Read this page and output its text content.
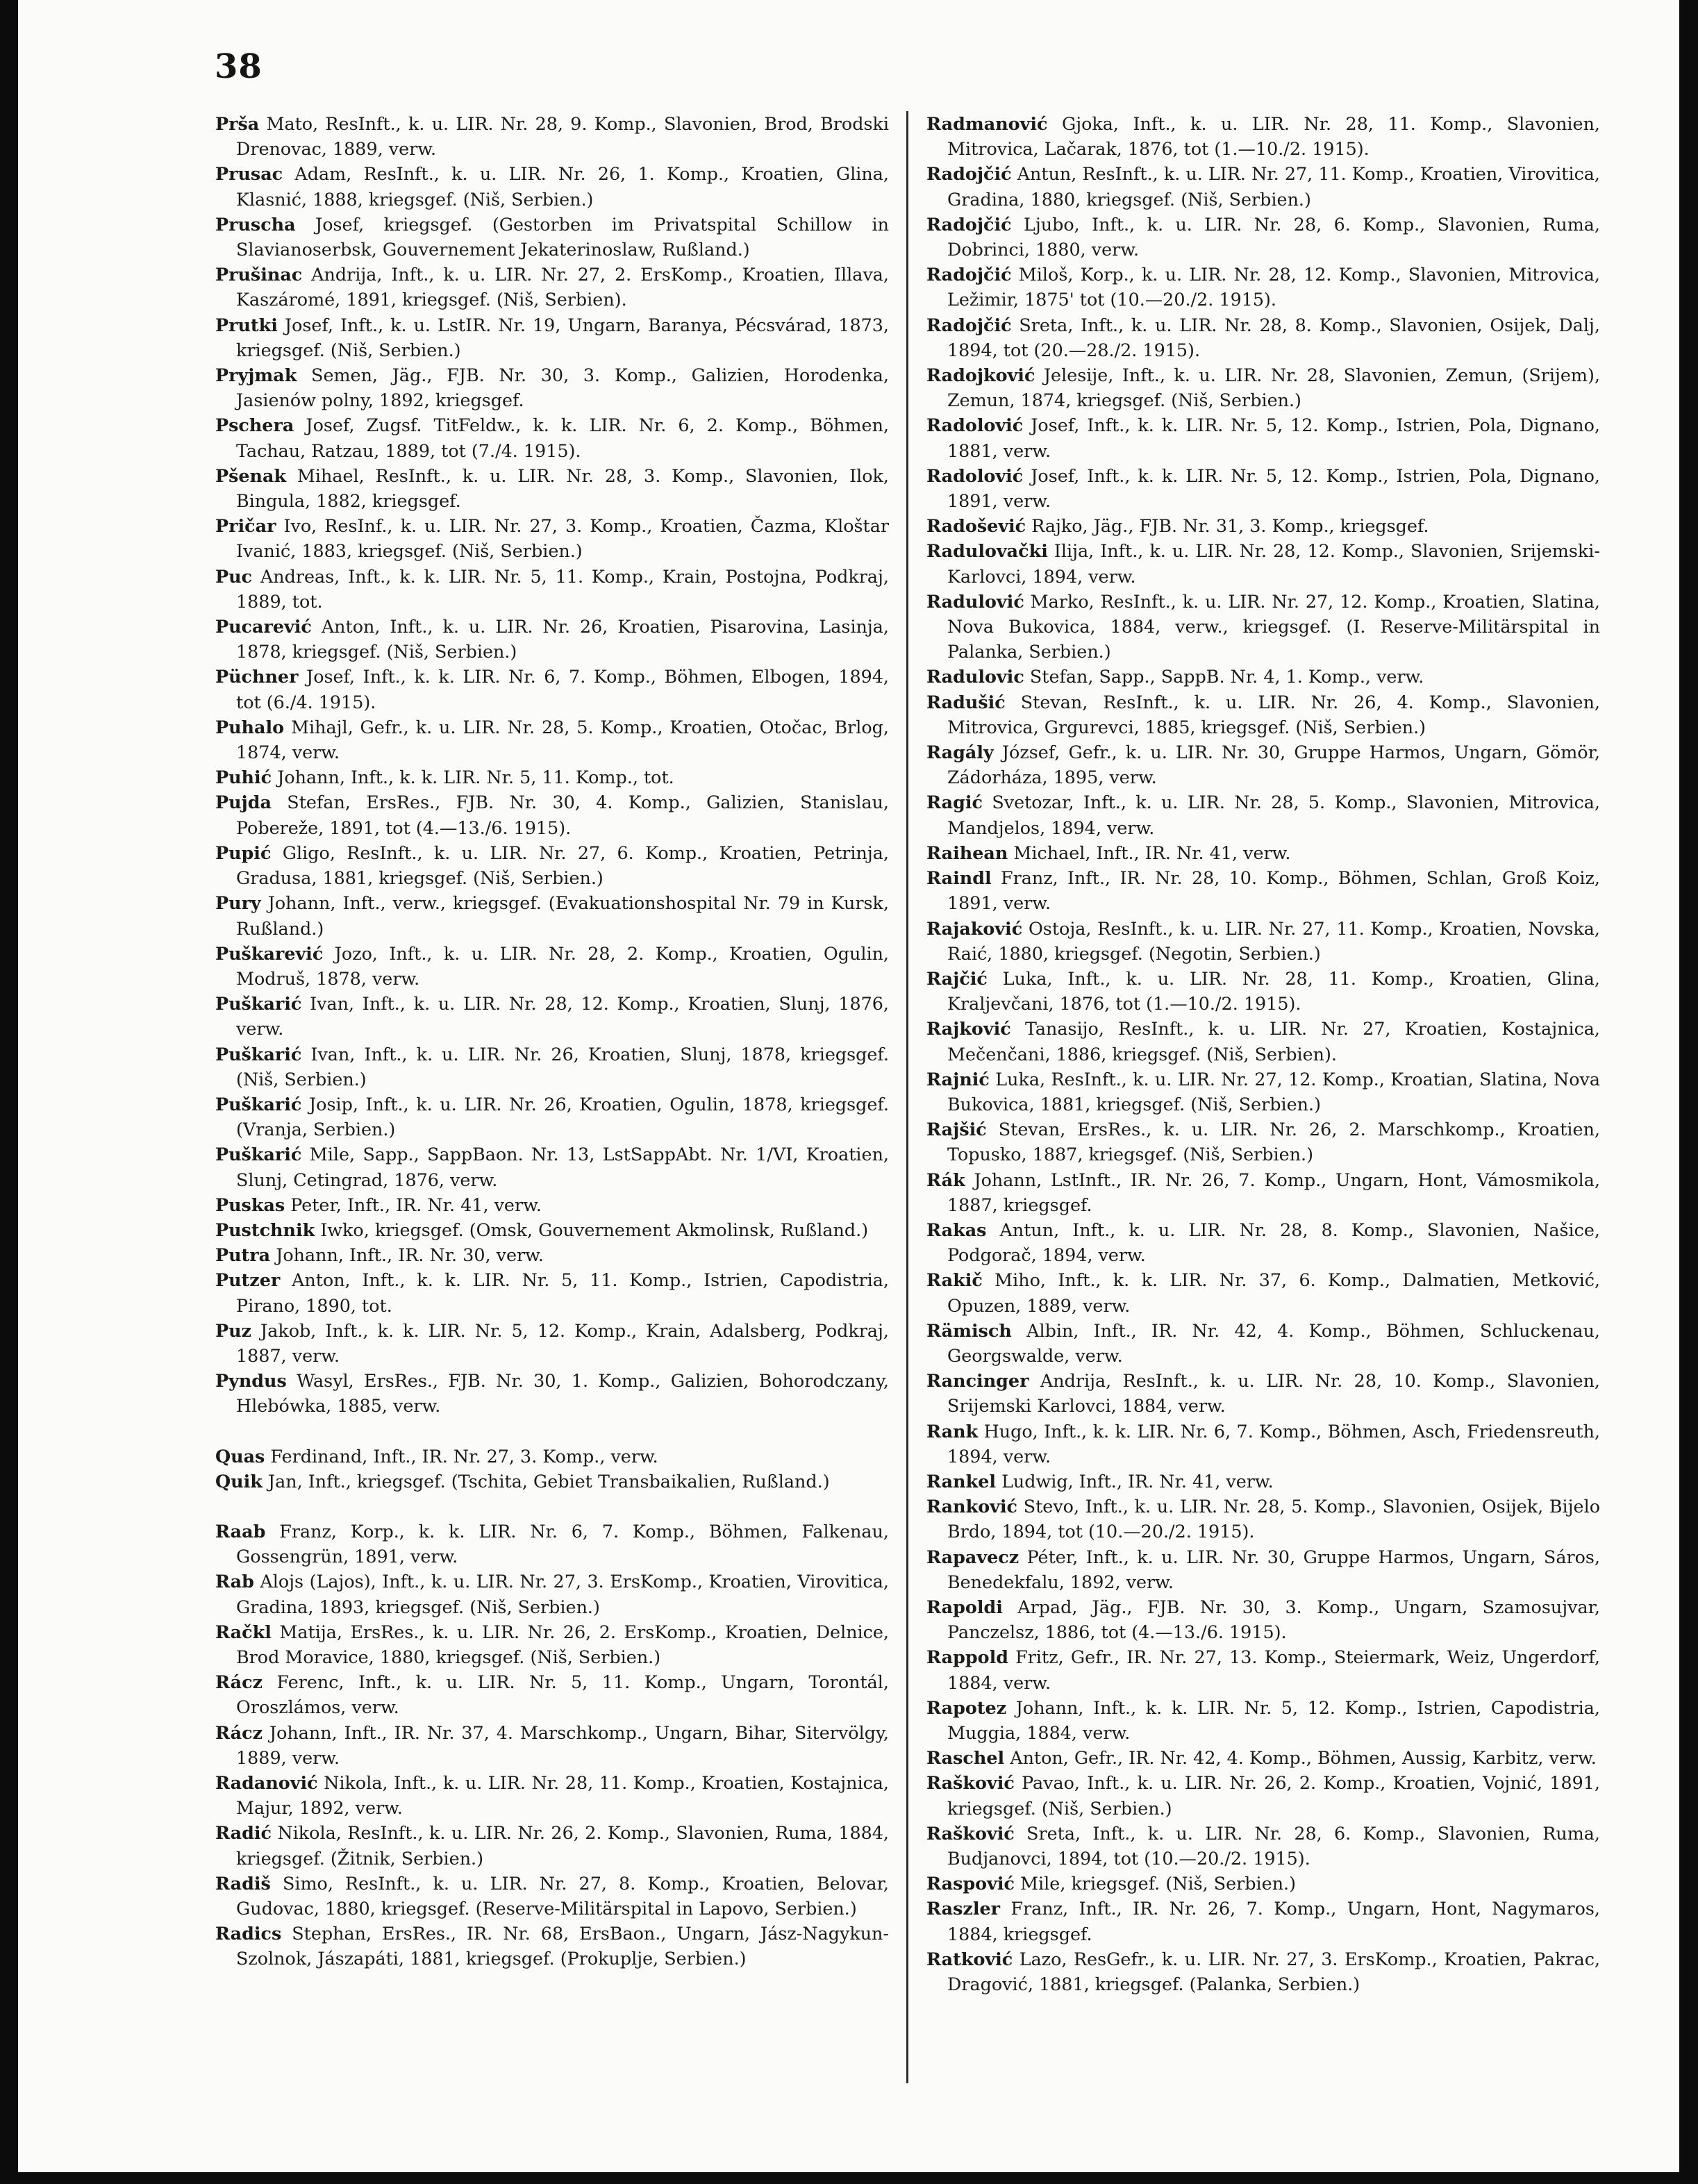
38

Prša Mato, ResInft., k. u. LIR. Nr. 28, 9. Komp., Slavonien, Brod, Brodski Drenovac, 1889, verw.

Prusac Adam, ResInft., k. u. LIR. Nr. 26, 1. Komp., Kroatien, Glina, Klasnić, 1888, kriegsgef. (Niš, Serbien.)

Pruscha Josef, kriegsgef. (Gestorben im Privatspital Schillow in Slavianoserbsk, Gouvernement Jekaterinoslaw, Rußland.)

Prušinac Andrija, Inft., k. u. LIR. Nr. 27, 2. ErsKomp., Kroatien, Illava, Kaszáromé, 1891, kriegsgef. (Niš, Serbien).

Prutki Josef, Inft., k. u. LstIR. Nr. 19, Ungarn, Baranya, Pécsvárad, 1873, kriegsgef. (Niš, Serbien.)

Pryjmak Semen, Jäg., FJB. Nr. 30, 3. Komp., Galizien, Horodenka, Jasienów polny, 1892, kriegsgef.

Pschera Josef, Zugsf. TitFeldw., k. k. LIR. Nr. 6, 2. Komp., Böhmen, Tachau, Ratzau, 1889, tot (7./4. 1915).

Pšenak Mihael, ResInft., k. u. LIR. Nr. 28, 3. Komp., Slavonien, Ilok, Bingula, 1882, kriegsgef.

Pričar Ivo, ResInf., k. u. LIR. Nr. 27, 3. Komp., Kroatien, Čazma, Kloštar Ivanić, 1883, kriegsgef. (Niš, Serbien.)

Puc Andreas, Inft., k. k. LIR. Nr. 5, 11. Komp., Krain, Postojna, Podkraj, 1889, tot.

Pucarević Anton, Inft., k. u. LIR. Nr. 26, Kroatien, Pisarovina, Lasinja, 1878, kriegsgef. (Niš, Serbien.)

Püchner Josef, Inft., k. k. LIR. Nr. 6, 7. Komp., Böhmen, Elbogen, 1894, tot (6./4. 1915).

Puhalo Mihajl, Gefr., k. u. LIR. Nr. 28, 5. Komp., Kroatien, Otočac, Brlog, 1874, verw.

Puhić Johann, Inft., k. k. LIR. Nr. 5, 11. Komp., tot.

Pujda Stefan, ErsRes., FJB. Nr. 30, 4. Komp., Galizien, Stanislau, Pobereže, 1891, tot (4.—13./6. 1915).

Pupić Gligo, ResInft., k. u. LIR. Nr. 27, 6. Komp., Kroatien, Petrinja, Gradusa, 1881, kriegsgef. (Niš, Serbien.)

Pury Johann, Inft., verw., kriegsgef. (Evakuationshospital Nr. 79 in Kursk, Rußland.)

Puškarević Jozo, Inft., k. u. LIR. Nr. 28, 2. Komp., Kroatien, Ogulin, Modruš, 1878, verw.

Puškarić Ivan, Inft., k. u. LIR. Nr. 28, 12. Komp., Kroatien, Slunj, 1876, verw.

Puškarić Ivan, Inft., k. u. LIR. Nr. 26, Kroatien, Slunj, 1878, kriegsgef. (Niš, Serbien.)

Puškarić Josip, Inft., k. u. LIR. Nr. 26, Kroatien, Ogulin, 1878, kriegsgef. (Vranja, Serbien.)

Puškarić Mile, Sapp., SappBaon. Nr. 13, LstSappAbt. Nr. 1/VI, Kroatien, Slunj, Cetingrad, 1876, verw.

Puskas Peter, Inft., IR. Nr. 41, verw.

Pustchnik Iwko, kriegsgef. (Omsk, Gouvernement Akmolinsk, Rußland.)

Putra Johann, Inft., IR. Nr. 30, verw.

Putzer Anton, Inft., k. k. LIR. Nr. 5, 11. Komp., Istrien, Capodistria, Pirano, 1890, tot.

Puz Jakob, Inft., k. k. LIR. Nr. 5, 12. Komp., Krain, Adalsberg, Podkraj, 1887, verw.

Pyndus Wasyl, ErsRes., FJB. Nr. 30, 1. Komp., Galizien, Bohorodczany, Hlebówka, 1885, verw.

Quas Ferdinand, Inft., IR. Nr. 27, 3. Komp., verw.

Quik Jan, Inft., kriegsgef. (Tschita, Gebiet Transbaikalien, Rußland.)

Raab Franz, Korp., k. k. LIR. Nr. 6, 7. Komp., Böhmen, Falkenau, Gossengrün, 1891, verw.

Rab Alojs (Lajos), Inft., k. u. LIR. Nr. 27, 3. ErsKomp., Kroatien, Virovitica, Gradina, 1893, kriegsgef. (Niš, Serbien.)

Račkl Matija, ErsRes., k. u. LIR. Nr. 26, 2. ErsKomp., Kroatien, Delnice, Brod Moravice, 1880, kriegsgef. (Niš, Serbien.)

Rácz Ferenc, Inft., k. u. LIR. Nr. 5, 11. Komp., Ungarn, Torontál, Oroszlámos, verw.

Rácz Johann, Inft., IR. Nr. 37, 4. Marschkomp., Ungarn, Bihar, Sitervölgy, 1889, verw.

Radanović Nikola, Inft., k. u. LIR. Nr. 28, 11. Komp., Kroatien, Kostajnica, Majur, 1892, verw.

Radić Nikola, ResInft., k. u. LIR. Nr. 26, 2. Komp., Slavonien, Ruma, 1884, kriegsgef. (Žitnik, Serbien.)

Radiš Simo, ResInft., k. u. LIR. Nr. 27, 8. Komp., Kroatien, Belovar, Gudovac, 1880, kriegsgef. (Reserve-Militärspital in Lapovo, Serbien.)

Radics Stephan, ErsRes., IR. Nr. 68, ErsBaon., Ungarn, Jász-Nagykun-Szolnok, Jászapáti, 1881, kriegsgef. (Prokuplje, Serbien.)

Radmanović Gjoka, Inft., k. u. LIR. Nr. 28, 11. Komp., Slavonien, Mitrovica, Lačarak, 1876, tot (1.—10./2. 1915).

Radojčić Antun, ResInft., k. u. LIR. Nr. 27, 11. Komp., Kroatien, Virovitica, Gradina, 1880, kriegsgef. (Niš, Serbien.)

Radojčić Ljubo, Inft., k. u. LIR. Nr. 28, 6. Komp., Slavonien, Ruma, Dobrinci, 1880, verw.

Radojčić Miloš, Korp., k. u. LIR. Nr. 28, 12. Komp., Slavonien, Mitrovica, Ležimir, 1875' tot (10.—20./2. 1915).

Radojčić Sreta, Inft., k. u. LIR. Nr. 28, 8. Komp., Slavonien, Osijek, Dalj, 1894, tot (20.—28./2. 1915).

Radojković Jelesije, Inft., k. u. LIR. Nr. 28, Slavonien, Zemun, (Srijem), Zemun, 1874, kriegsgef. (Niš, Serbien.)

Radolović Josef, Inft., k. k. LIR. Nr. 5, 12. Komp., Istrien, Pola, Dignano, 1881, verw.

Radolović Josef, Inft., k. k. LIR. Nr. 5, 12. Komp., Istrien, Pola, Dignano, 1891, verw.

Radošević Rajko, Jäg., FJB. Nr. 31, 3. Komp., kriegsgef.

Radulovački Ilija, Inft., k. u. LIR. Nr. 28, 12. Komp., Slavonien, Srijemski-Karlovci, 1894, verw.

Radulović Marko, ResInft., k. u. LIR. Nr. 27, 12. Komp., Kroatien, Slatina, Nova Bukovica, 1884, verw., kriegsgef. (I. Reserve-Militärspital in Palanka, Serbien.)

Radulovic Stefan, Sapp., SappB. Nr. 4, 1. Komp., verw.

Radušić Stevan, ResInft., k. u. LIR. Nr. 26, 4. Komp., Slavonien, Mitrovica, Grgurevci, 1885, kriegsgef. (Niš, Serbien.)

Ragály József, Gefr., k. u. LIR. Nr. 30, Gruppe Harmos, Ungarn, Gömör, Zádorháza, 1895, verw.

Ragić Svetozar, Inft., k. u. LIR. Nr. 28, 5. Komp., Slavonien, Mitrovica, Mandjelos, 1894, verw.

Raihean Michael, Inft., IR. Nr. 41, verw.

Raindl Franz, Inft., IR. Nr. 28, 10. Komp., Böhmen, Schlan, Groß Koiz, 1891, verw.

Rajaković Ostoja, ResInft., k. u. LIR. Nr. 27, 11. Komp., Kroatien, Novska, Raić, 1880, kriegsgef. (Negotin, Serbien.)

Rajčić Luka, Inft., k. u. LIR. Nr. 28, 11. Komp., Kroatien, Glina, Kraljevčani, 1876, tot (1.—10./2. 1915).

Rajković Tanasijo, ResInft., k. u. LIR. Nr. 27, Kroatien, Kostajnica, Mečenčani, 1886, kriegsgef. (Niš, Serbien).

Rajnić Luka, ResInft., k. u. LIR. Nr. 27, 12. Komp., Kroatian, Slatina, Nova Bukovica, 1881, kriegsgef. (Niš, Serbien.)

Rajšić Stevan, ErsRes., k. u. LIR. Nr. 26, 2. Marschkomp., Kroatien, Topusko, 1887, kriegsgef. (Niš, Serbien.)

Rák Johann, LstInft., IR. Nr. 26, 7. Komp., Ungarn, Hont, Vámosmikola, 1887, kriegsgef.

Rakas Antun, Inft., k. u. LIR. Nr. 28, 8. Komp., Slavonien, Našice, Podgorač, 1894, verw.

Rakič Miho, Inft., k. k. LIR. Nr. 37, 6. Komp., Dalmatien, Metković, Opuzen, 1889, verw.

Rämisch Albin, Inft., IR. Nr. 42, 4. Komp., Böhmen, Schluckenau, Georgswalde, verw.

Rancinger Andrija, ResInft., k. u. LIR. Nr. 28, 10. Komp., Slavonien, Srijemski Karlovci, 1884, verw.

Rank Hugo, Inft., k. k. LIR. Nr. 6, 7. Komp., Böhmen, Asch, Friedensreuth, 1894, verw.

Rankel Ludwig, Inft., IR. Nr. 41, verw.

Ranković Stevo, Inft., k. u. LIR. Nr. 28, 5. Komp., Slavonien, Osijek, Bijelo Brdo, 1894, tot (10.—20./2. 1915).

Rapavecz Péter, Inft., k. u. LIR. Nr. 30, Gruppe Harmos, Ungarn, Sáros, Benedekfalu, 1892, verw.

Rapoldi Arpad, Jäg., FJB. Nr. 30, 3. Komp., Ungarn, Szamosujvar, Panczelsz, 1886, tot (4.—13./6. 1915).

Rappold Fritz, Gefr., IR. Nr. 27, 13. Komp., Steiermark, Weiz, Ungerdorf, 1884, verw.

Rapotez Johann, Inft., k. k. LIR. Nr. 5, 12. Komp., Istrien, Capodistria, Muggia, 1884, verw.

Raschel Anton, Gefr., IR. Nr. 42, 4. Komp., Böhmen, Aussig, Karbitz, verw.

Rašković Pavao, Inft., k. u. LIR. Nr. 26, 2. Komp., Kroatien, Vojnić, 1891, kriegsgef. (Niš, Serbien.)

Rašković Sreta, Inft., k. u. LIR. Nr. 28, 6. Komp., Slavonien, Ruma, Budjanovci, 1894, tot (10.—20./2. 1915).

Raspović Mile, kriegsgef. (Niš, Serbien.)

Raszler Franz, Inft., IR. Nr. 26, 7. Komp., Ungarn, Hont, Nagymaros, 1884, kriegsgef.

Ratković Lazo, ResGefr., k. u. LIR. Nr. 27, 3. ErsKomp., Kroatien, Pakrac, Dragović, 1881, kriegsgef. (Palanka, Serbien.)
